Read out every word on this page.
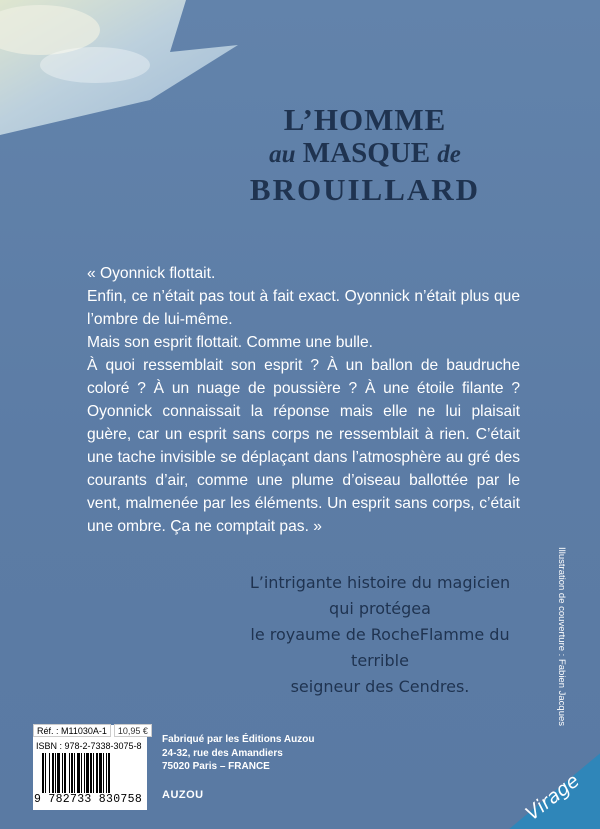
L’HOMME
au MASQUE de
BROUILLARD

« Oyonnick flottait.

Enfin, ce n’était pas tout à fait exact. Oyonnick n’était plus que l’ombre de lui-même.

Mais son esprit flottait. Comme une bulle.

À quoi ressemblait son esprit ? À un ballon de baudruche coloré ? À un nuage de poussière ? À une étoile filante ? Oyonnick connaissait la réponse mais elle ne lui plaisait guère, car un esprit sans corps ne ressemblait à rien. C’était une tache invisible se déplaçant dans l’atmosphère au gré des courants d’air, comme une plume d’oiseau ballottée par le vent, malmenée par les éléments. Un esprit sans corps, c’était une ombre. Ça ne comptait pas. »

L’intrigante histoire du magicien qui protégea
le royaume de RocheFlamme du terrible
seigneur des Cendres.	Illustration de couverture : Fabien Jacques
Réf. : M11030A-1	10,95 €
ISBN : 978-2-7338-3075-8
9 782733 830758
Fabriqué par les Éditions Auzou
24-32, rue des Amandiers
75020 Paris – FRANCE
AUZOU	Virage
